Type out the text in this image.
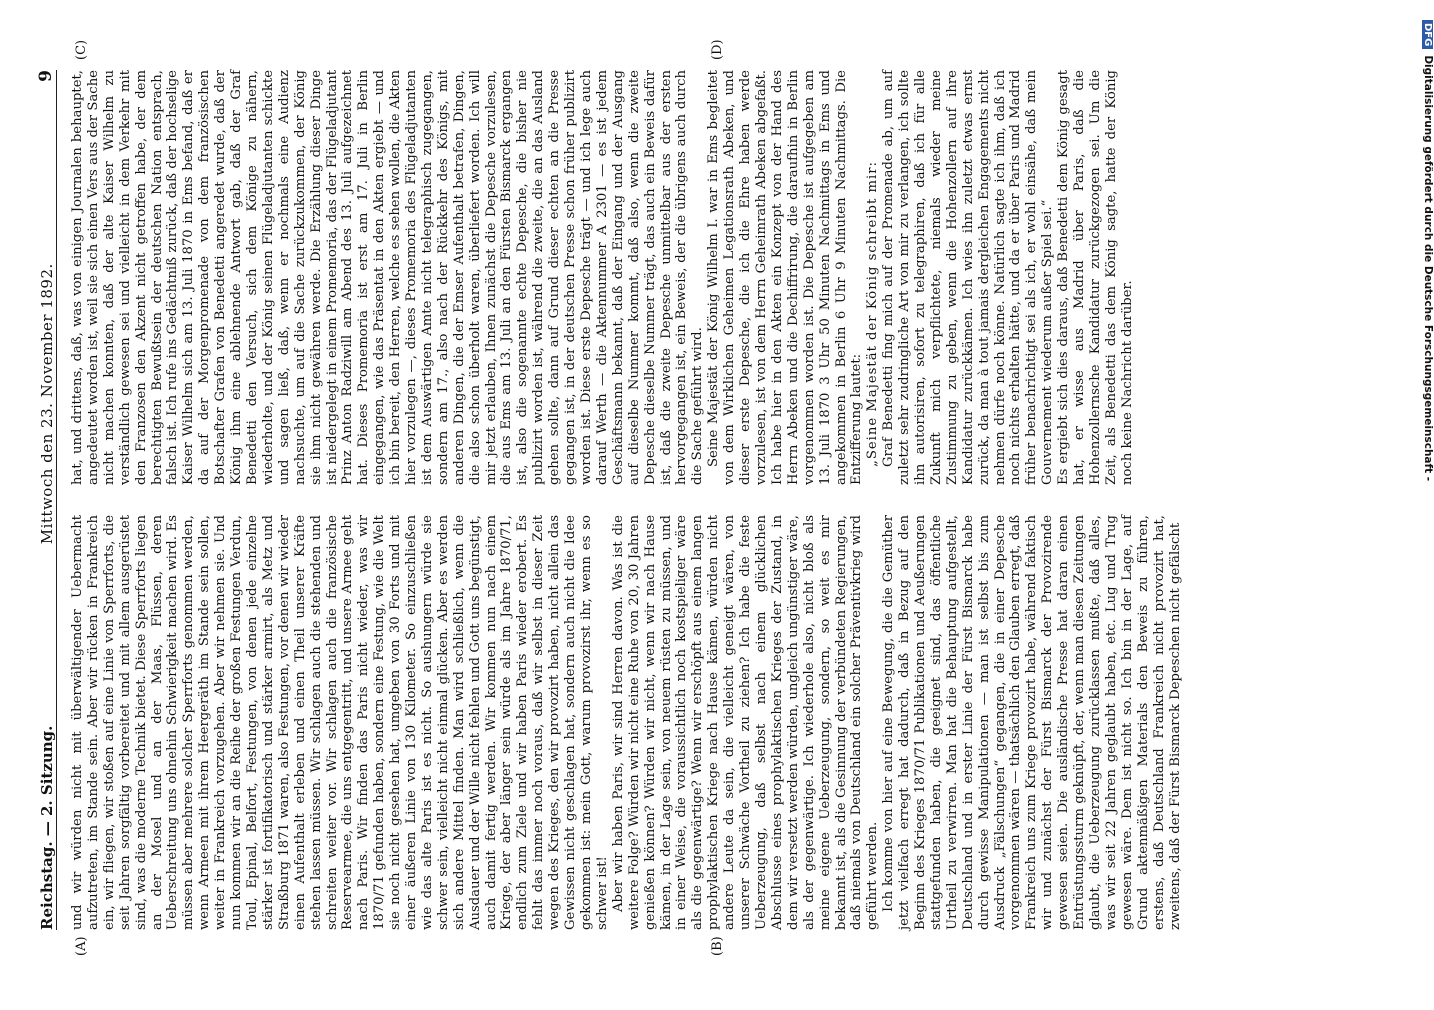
Reichstag. — 2. Sitzung.
Mittwoch den 23. November 1892.
9
(A)	(B)
(C)	(D)

und wir würden nicht mit überwältigender Uebermacht aufzutreten, im Stande sein. Aber wir rücken in Frankreich ein, wir fliegen, wir stoßen auf eine Linie von Sperrforts, die seit Jahren sorgfältig vorbereitet und mit allem ausgerüstet sind, was die moderne Technik bietet. Diese Sperrforts liegen an der Mosel und an der Maas, Flüssen, deren Ueberschreitung uns ohnehin Schwierigkeit machen wird. Es müssen aber mehrere solcher Sperrforts genommen werden, wenn Armeen mit ihrem Heergeräth im Stande sein sollen, weiter in Frankreich vorzugehen. Aber wir nehmen sie. Und nun kommen wir an die Reihe der großen Festungen Verdun, Toul, Epinal, Belfort, Festungen, von denen jede einzelne stärker ist fortifikatorisch und stärker armirt, als Metz und Straßburg 1871 waren, also Festungen, vor denen wir wieder einen Aufenthalt erleben und einen Theil unserer Kräfte stehen lassen müssen. Wir schlagen auch die stehenden und schreiten weiter vor. Wir schlagen auch die französische Reservearmee, die uns entgegentritt, und unsere Armee geht nach Paris. Wir finden das Paris nicht wieder, was wir 1870/71 gefunden haben, sondern eine Festung, wie die Welt sie noch nicht gesehen hat, umgeben von 30 Forts und mit einer äußeren Linie von 130 Kilometer. So einzuschließen wie das alte Paris ist es nicht. So aushungern würde sie schwer sein, vielleicht nicht einmal glücken. Aber es werden sich andere Mittel finden. Man wird schließlich, wenn die Ausdauer und der Wille nicht fehlen und Gott uns begünstigt, auch damit fertig werden. Wir kommen nun nach einem Kriege, der aber länger sein würde als im Jahre 1870/71, endlich zum Ziele und wir haben Paris wieder erobert. Es fehlt das immer noch voraus, daß wir selbst in dieser Zeit wegen des Krieges, den wir provozirt haben, nicht allein das Gewissen nicht geschlagen hat, sondern auch nicht die Idee gekommen ist: mein Gott, warum provozirst ihr, wenn es so schwer ist! Aber wir haben Paris, wir sind Herren davon. Was ist die weitere Folge? Würden wir nicht eine Ruhe von 20, 30 Jahren genießen können? Würden wir nicht, wenn wir nach Hause kämen, in der Lage sein, von neuem rüsten zu müssen, und in einer Weise, die voraussichtlich noch kostspieliger wäre als die gegenwärtige? Wenn wir erschöpft aus einem langen prophylaktischen Kriege nach Hause kämen, würden nicht andere Leute da sein, die vielleicht geneigt wären, von unserer Schwäche Vortheil zu ziehen? Ich habe die feste Ueberzeugung, daß selbst nach einem glücklichen Abschlusse eines prophylaktischen Krieges der Zustand, in dem wir versetzt werden würden, ungleich ungünstiger wäre, als der gegenwärtige. Ich wiederhole also, nicht bloß als meine eigene Ueberzeugung, sondern, so weit es mir bekannt ist, als die Gesinnung der verbündeten Regierungen, daß niemals von Deutschland ein solcher Präventivkrieg wird geführt werden. Ich komme von hier auf eine Bewegung, die die Gemüther jetzt vielfach erregt hat dadurch, daß in Bezug auf den Beginn des Krieges 1870/71 Publikationen und Aeußerungen stattgefunden haben, die geeignet sind, das öffentliche Urtheil zu verwirren. Man hat die Behauptung aufgestellt, Deutschland und in erster Linie der Fürst Bismarck habe durch gewisse Manipulationen — man ist selbst bis zum Ausdruck „Fälschungen“ gegangen, die in einer Depesche vorgenommen wären — thatsächlich den Glauben erregt, daß Frankreich uns zum Kriege provozirt habe, während faktisch wir und zunächst der Fürst Bismarck der Provozirende gewesen seien. Die ausländische Presse hat daran einen Entrüstungssturm geknüpft, der, wenn man diesen Zeitungen glaubt, die Ueberzeugung zurücklassen mußte, daß alles, was wir seit 22 Jahren geglaubt haben, etc. Lug und Trug gewesen wäre. Dem ist nicht so. Ich bin in der Lage, auf Grund aktenmäßigen Materials den Beweis zu führen, erstens, daß Deutschland Frankreich nicht provozirt hat, zweitens, daß der Fürst Bismarck Depeschen nicht gefälscht

hat, und drittens, daß, was von einigen Journalen behauptet, angedeutet worden ist, weil sie sich einen Vers aus der Sache nicht machen konnten, daß der alte Kaiser Wilhelm zu verständlich gewesen sei und vielleicht in dem Verkehr mit den Franzosen den Akzent nicht getroffen habe, der dem berechtigten Bewußtsein der deutschen Nation entsprach, falsch ist. Ich rufe ins Gedächtniß zurück, daß der hochselige Kaiser Wilhelm sich am 13. Juli 1870 in Ems befand, daß er da auf der Morgenpromenade von dem französischen Botschafter Grafen von Benedetti angeredet wurde, daß der König ihm eine ablehnende Antwort gab, daß der Graf Benedetti den Versuch, sich dem Könige zu nähern, wiederholte, und der König seinen Flügeladjutanten schickte und sagen ließ, daß, wenn er nochmals eine Audienz nachsuchte, um auf die Sache zurückzukommen, der König sie ihm nicht gewähren werde. Die Erzählung dieser Dinge ist niedergelegt in einem Promemoria, das der Flügeladjutant Prinz Anton Radziwill am Abend des 13. Juli aufgezeichnet hat. Dieses Promemoria ist erst am 17. Juli in Berlin eingegangen, wie das Präsentat in den Akten ergiebt — und ich bin bereit, den Herren, welche es sehen wollen, die Akten hier vorzulegen —, dieses Promemoria des Flügeladjutanten ist dem Auswärtigen Amte nicht telegraphisch zugegangen, sondern am 17., also nach der Rückkehr des Königs, mit anderen Dingen, die der Emser Aufenthalt betrafen, Dingen, die also schon überholt waren, überliefert worden. Ich will mir jetzt erlauben, Ihnen zunächst die Depesche vorzulesen, die aus Ems am 13. Juli an den Fürsten Bismarck ergangen ist, also die sogenannte echte Depesche, die bisher nie publizirt worden ist, während die zweite, die an das Ausland gehen sollte, dann auf Grund dieser echten an die Presse gegangen ist, in der deutschen Presse schon früher publizirt worden ist. Diese erste Depesche trägt — und ich lege auch darauf Werth — die Aktennummer A 2301 — es ist jedem Geschäftsmann bekannt, daß der Eingang und der Ausgang auf dieselbe Nummer kommt, daß also, wenn die zweite Depesche dieselbe Nummer trägt, das auch ein Beweis dafür ist, daß die zweite Depesche unmittelbar aus der ersten hervorgegangen ist, ein Beweis, der die übrigens auch durch die Sache geführt wird. Seine Majestät der König Wilhelm I. war in Ems begleitet von dem Wirklichen Geheimen Legationsrath Abeken, und dieser erste Depesche, die ich die Ehre haben werde vorzulesen, ist von dem Herrn Geheimrath Abeken abgefaßt. Ich habe hier in den Akten ein Konzept von der Hand des Herrn Abeken und die Dechiffrirung, die daraufhin in Berlin vorgenommen worden ist. Die Depesche ist aufgegeben am 13. Juli 1870 3 Uhr 50 Minuten Nachmittags in Ems und angekommen in Berlin 6 Uhr 9 Minuten Nachmittags. Die Entzifferung lautet: „Seine Majestät der König schreibt mir: Graf Benedetti fing mich auf der Promenade ab, um auf zuletzt sehr zudringliche Art von mir zu verlangen, ich sollte ihn autorisiren, sofort zu telegraphiren, daß ich für alle Zukunft mich verpflichtete, niemals wieder meine Zustimmung zu geben, wenn die Hohenzollern auf ihre Kandidatur zurückkämen. Ich wies ihn zuletzt etwas ernst zurück, da man à tout jamais dergleichen Engagements nicht nehmen dürfe noch könne. Natürlich sagte ich ihm, daß ich noch nichts erhalten hätte, und da er über Paris und Madrid früher benachrichtigt sei als ich, er wohl einsähe, daß mein Gouvernement wiederum außer Spiel sei.“ Es ergiebt sich dies daraus, daß Benedetti dem König gesagt hat, er wisse aus Madrid über Paris, daß die Hohenzollernsche Kandidatur zurückgezogen sei. Um die Zeit, als Benedetti das dem König sagte, hatte der König noch keine Nachricht darüber.

DFGDigitalisierung gefördert durch die Deutsche Forschungsgemeinschaft -
